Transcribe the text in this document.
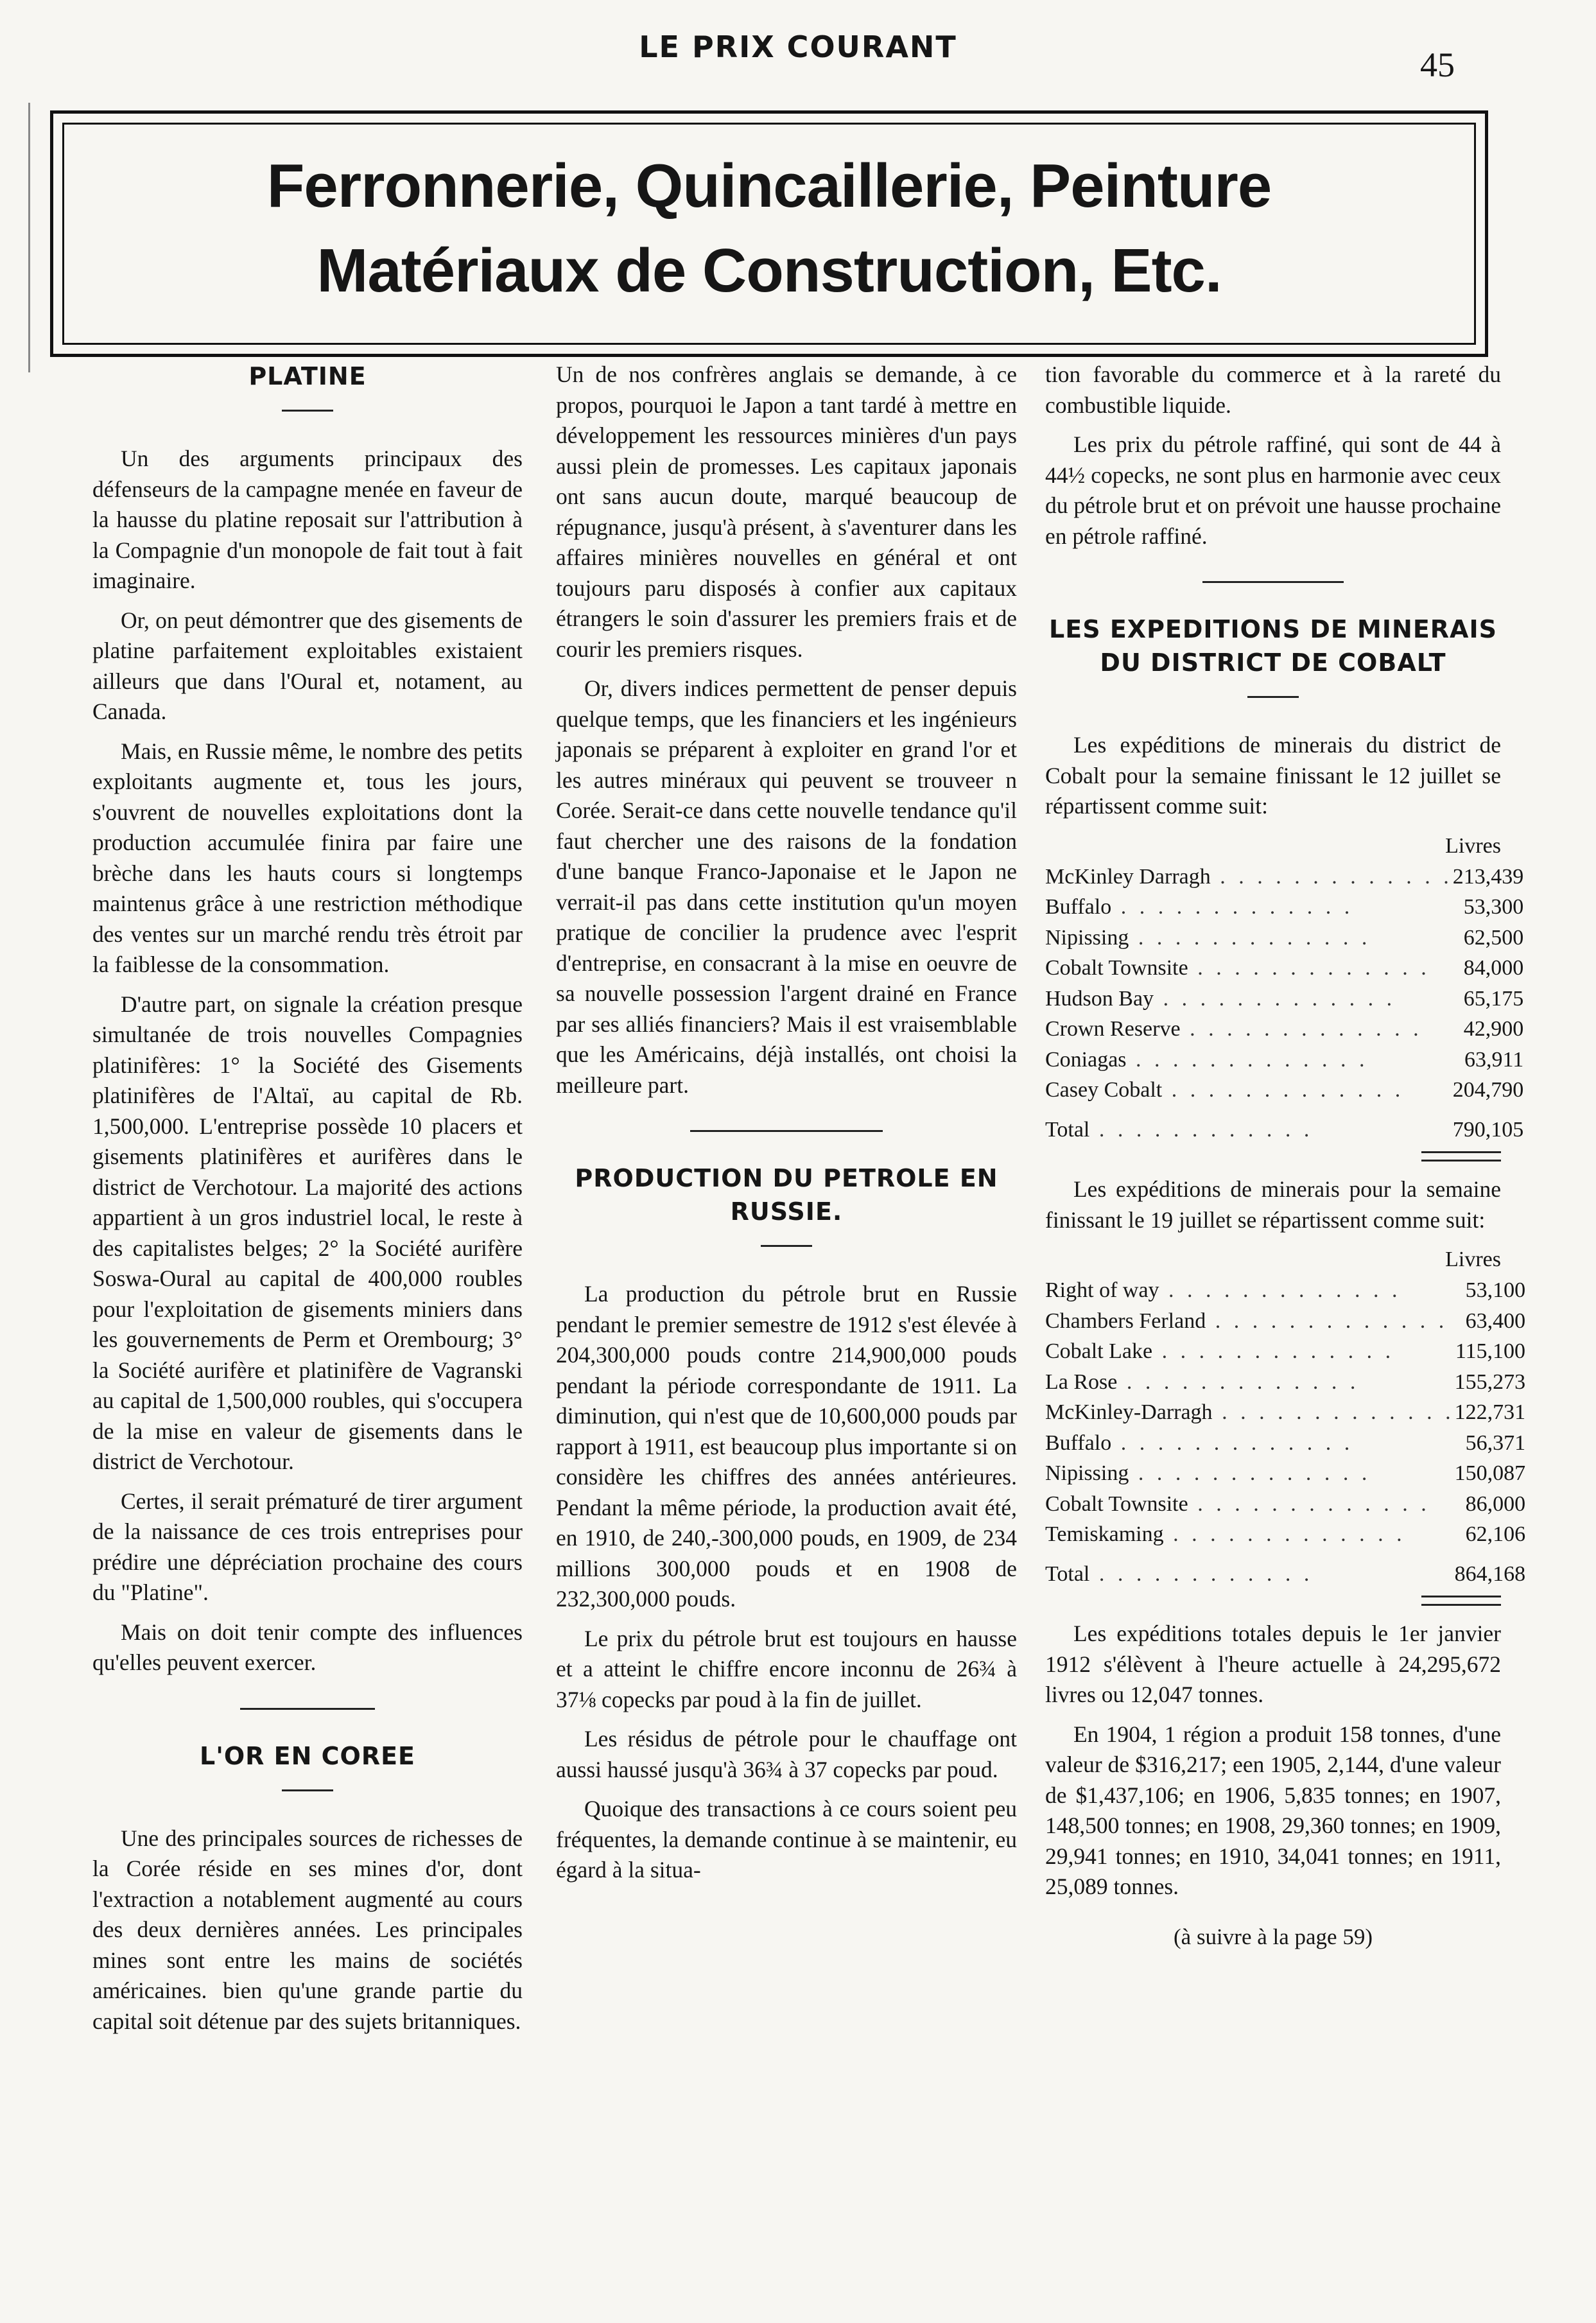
LE PRIX COURANT	45
Ferronnerie, Quincaillerie, Peinture
Matériaux de Construction, Etc.
PLATINE

Un des arguments principaux des défenseurs de la campagne menée en faveur de la hausse du platine reposait sur l'attribution à la Compagnie d'un monopole de fait tout à fait imaginaire.

Or, on peut démontrer que des gisements de platine parfaitement exploitables existaient ailleurs que dans l'Oural et, notament, au Canada.

Mais, en Russie même, le nombre des petits exploitants augmente et, tous les jours, s'ouvrent de nouvelles exploitations dont la production accumulée finira par faire une brèche dans les hauts cours si longtemps maintenus grâce à une restriction méthodique des ventes sur un marché rendu très étroit par la faiblesse de la consommation.

D'autre part, on signale la création presque simultanée de trois nouvelles Compagnies platinifères: 1° la Société des Gisements platinifères de l'Altaï, au capital de Rb. 1,500,000. L'entreprise possède 10 placers et gisements platinifères et aurifères dans le district de Verchotour. La majorité des actions appartient à un gros industriel local, le reste à des capitalistes belges; 2° la Société aurifère Soswa-Oural au capital de 400,000 roubles pour l'exploitation de gisements miniers dans les gouvernements de Perm et Orembourg; 3° la Société aurifère et platinifère de Vagranski au capital de 1,500,000 roubles, qui s'occupera de la mise en valeur de gisements dans le district de Verchotour.

Certes, il serait prématuré de tirer argument de la naissance de ces trois entreprises pour prédire une dépréciation prochaine des cours du "Platine".

Mais on doit tenir compte des influences qu'elles peuvent exercer.

L'OR EN COREE

Une des principales sources de richesses de la Corée réside en ses mines d'or, dont l'extraction a notablement augmenté au cours des deux dernières années. Les principales mines sont entre les mains de sociétés américaines. bien qu'une grande partie du capital soit détenue par des sujets britanniques.

Un de nos confrères anglais se demande, à ce propos, pourquoi le Japon a tant tardé à mettre en développement les ressources minières d'un pays aussi plein de promesses. Les capitaux japonais ont sans aucun doute, marqué beaucoup de répugnance, jusqu'à présent, à s'aventurer dans les affaires minières nouvelles en général et ont toujours paru disposés à confier aux capitaux étrangers le soin d'assurer les premiers frais et de courir les premiers risques.

Or, divers indices permettent de penser depuis quelque temps, que les financiers et les ingénieurs japonais se préparent à exploiter en grand l'or et les autres minéraux qui peuvent se trouveer n Corée. Serait-ce dans cette nouvelle tendance qu'il faut chercher une des raisons de la fondation d'une banque Franco-Japonaise et le Japon ne verrait-il pas dans cette institution qu'un moyen pratique de concilier la prudence avec l'esprit d'entreprise, en consacrant à la mise en oeuvre de sa nouvelle possession l'argent drainé en France par ses alliés financiers? Mais il est vraisemblable que les Américains, déjà installés, ont choisi la meilleure part.

PRODUCTION DU PETROLE EN RUSSIE.

La production du pétrole brut en Russie pendant le premier semestre de 1912 s'est élevée à 204,300,000 pouds contre 214,900,000 pouds pendant la période correspondante de 1911. La diminution, qui n'est que de 10,600,000 pouds par rapport à 1911, est beaucoup plus importante si on considère les chiffres des années antérieures. Pendant la même période, la production avait été, en 1910, de 240,-300,000 pouds, en 1909, de 234 millions 300,000 pouds et en 1908 de 232,300,000 pouds.

Le prix du pétrole brut est toujours en hausse et a atteint le chiffre encore inconnu de 26¾ à 37⅛ copecks par poud à la fin de juillet.

Les résidus de pétrole pour le chauffage ont aussi haussé jusqu'à 36¾ à 37 copecks par poud.

Quoique des transactions à ce cours soient peu fréquentes, la demande continue à se maintenir, eu égard à la situa-

tion favorable du commerce et à la rareté du combustible liquide.

Les prix du pétrole raffiné, qui sont de 44 à 44½ copecks, ne sont plus en harmonie avec ceux du pétrole brut et on prévoit une hausse prochaine en pétrole raffiné.

LES EXPEDITIONS DE MINERAIS
DU DISTRICT DE COBALT

Les expéditions de minerais du district de Cobalt pour la semaine finissant le 12 juillet se répartissent comme suit:

Livres
McKinley Darragh . . . . . . . . . . . . .	213,439
Buffalo . . . . . . . . . . . . .	53,300
Nipissing . . . . . . . . . . . . .	62,500
Cobalt Townsite . . . . . . . . . . . . .	84,000
Hudson Bay . . . . . . . . . . . . .	65,175
Crown Reserve . . . . . . . . . . . . .	42,900
Coniagas . . . . . . . . . . . . .	63,911
Casey Cobalt . . . . . . . . . . . . .	204,790
Total . . . . . . . . . . . .	790,105

Les expéditions de minerais pour la semaine finissant le 19 juillet se répartissent comme suit:

Livres
Right of way . . . . . . . . . . . . .	53,100
Chambers Ferland . . . . . . . . . . . . .	63,400
Cobalt Lake . . . . . . . . . . . . .	115,100
La Rose . . . . . . . . . . . . .	155,273
McKinley-Darragh . . . . . . . . . . . . .	122,731
Buffalo . . . . . . . . . . . . .	56,371
Nipissing . . . . . . . . . . . . .	150,087
Cobalt Townsite . . . . . . . . . . . . .	86,000
Temiskaming . . . . . . . . . . . . .	62,106
Total . . . . . . . . . . . .	864,168

Les expéditions totales depuis le 1er janvier 1912 s'élèvent à l'heure actuelle à 24,295,672 livres ou 12,047 tonnes.

En 1904, 1 région a produit 158 tonnes, d'une valeur de $316,217; een 1905, 2,144, d'une valeur de $1,437,106; en 1906, 5,835 tonnes; en 1907, 148,500 tonnes; en 1908, 29,360 tonnes; en 1909, 29,941 tonnes; en 1910, 34,041 tonnes; en 1911, 25,089 tonnes.

(à suivre à la page 59)
